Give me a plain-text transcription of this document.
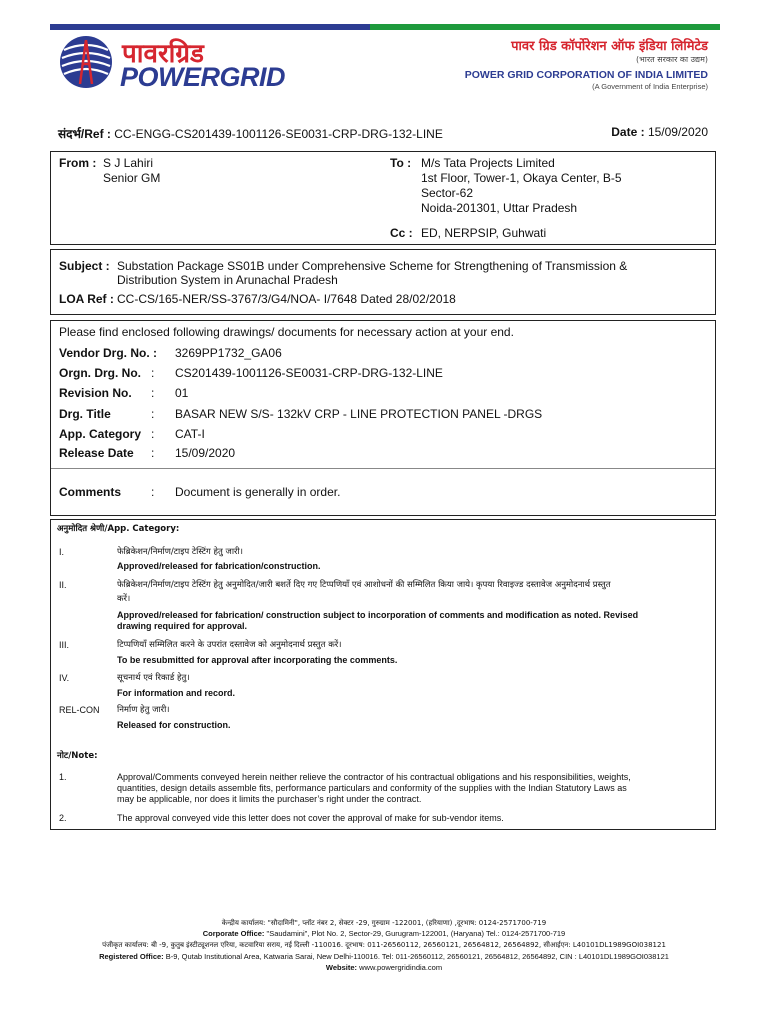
पावरग्रिड
POWERGRID
पावर ग्रिड कॉर्पोरेशन ऑफ इंडिया लिमिटेड
(भारत सरकार का उद्यम)
POWER GRID CORPORATION OF INDIA LIMITED
(A Government of India Enterprise)
संदर्भ/Ref : CC-ENGG-CS201439-1001126-SE0031-CRP-DRG-132-LINE	Date : 15/09/2020
From : S J Lahiri
Senior GM
To : M/s Tata Projects Limited
1st Floor, Tower-1, Okaya Center, B-5
Sector-62
Noida-201301, Uttar Pradesh
Cc : ED, NERPSIP, Guhwati
Subject : Substation Package SS01B under Comprehensive Scheme for Strengthening of Transmission &
Distribution System in Arunachal Pradesh
LOA Ref : CC-CS/165-NER/SS-3767/3/G4/NOA- I/7648 Dated 28/02/2018
Please find enclosed following drawings/ documents for necessary action at your end.
Vendor Drg. No. : 3269PP1732_GA06
Orgn. Drg. No. : CS201439-1001126-SE0031-CRP-DRG-132-LINE
Revision No. : 01
Drg. Title	: BASAR NEW S/S- 132kV CRP - LINE PROTECTION PANEL -DRGS
App. Category : CAT-I
Release Date : 15/09/2020
Comments : Document is generally in order.
अनुमोदित श्रेणी/App. Category:
I.	फेब्रिकेशन/निर्माण/टाइप टेस्टिंग हेतु जारी।
Approved/released for fabrication/construction.
II.	फेब्रिकेशन/निर्माण/टाइप टेस्टिंग हेतु अनुमोदित/जारी बशर्ते दिए गए टिप्पणियाँ एवं आशोधनों की सम्मिलित किया जाये। कृपया रिवाइज्ड दस्तावेज अनुमोदनार्थ प्रस्तुत
करें।
Approved/released for fabrication/ construction subject to incorporation of comments and modification as noted. Revised
drawing required for approval.
III.	टिप्पणियाँ सम्मिलित करने के उपरांत दस्तावेज को अनुमोदनार्थ प्रस्तुत करें।
To be resubmitted for approval after incorporating the comments.
IV.	सूचनार्थ एवं रिकार्ड हेतु।
For information and record.
REL-CON निर्माण हेतु जारी।
Released for construction.
नोट/Note:
1.	Approval/Comments conveyed herein neither relieve the contractor of his contractual obligations and his responsibilities, weights,
quantities, design details assemble fits, performance particulars and conformity of the supplies with the Indian Statutory Laws as
may be applicable, nor does it limits the purchaser’s right under the contract.
2.	The approval conveyed vide this letter does not cover the approval of make for sub-vendor items.
केन्द्रीय कार्यालय: "सौदामिनी", प्लॉट नंबर 2, सेक्टर -29, गुरुग्राम -122001, (हरियाणा) ,दूरभाष: 0124-2571700-719
Corporate Office: "Saudamini", Plot No. 2, Sector-29, Gurugram-122001, (Haryana) Tel.: 0124-2571700-719
पंजीकृत कार्यालय: बी -9, कुतुब इंस्टीट्यूशनल एरिया, कटवारिया सराय, नई दिल्ली -110016. दूरभाष: 011-26560112, 26560121, 26564812, 26564892, सीआईएन: L40101DL1989GOI038121
Registered Office: B-9, Qutab Institutional Area, Katwaria Sarai, New Delhi-110016. Tel: 011-26560112, 26560121, 26564812, 26564892, CIN : L40101DL1989GOI038121
Website: www.powergridindia.com
